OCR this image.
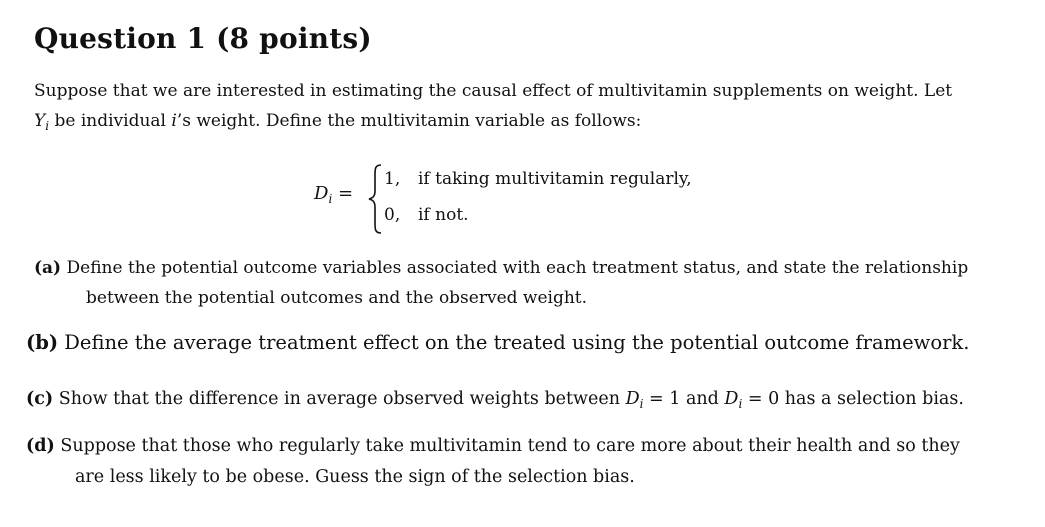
Question 1 (8 points)
Suppose that we are interested in estimating the causal effect of multivitamin supplements on weight. Let
$Y_i$ be individual i’s weight. Define the multivitamin variable as follows:
$D_i$ =
1, if taking multivitamin regularly,
0, if not.
(a) Define the potential outcome variables associated with each treatment status, and state the relationship
between the potential outcomes and the observed weight.
(b) Define the average treatment effect on the treated using the potential outcome framework.
(c) Show that the difference in average observed weights between $D_i = 1$ and $D_i = 0$ has a selection bias.
(d) Suppose that those who regularly take multivitamin tend to care more about their health and so they
are less likely to be obese. Guess the sign of the selection bias.
